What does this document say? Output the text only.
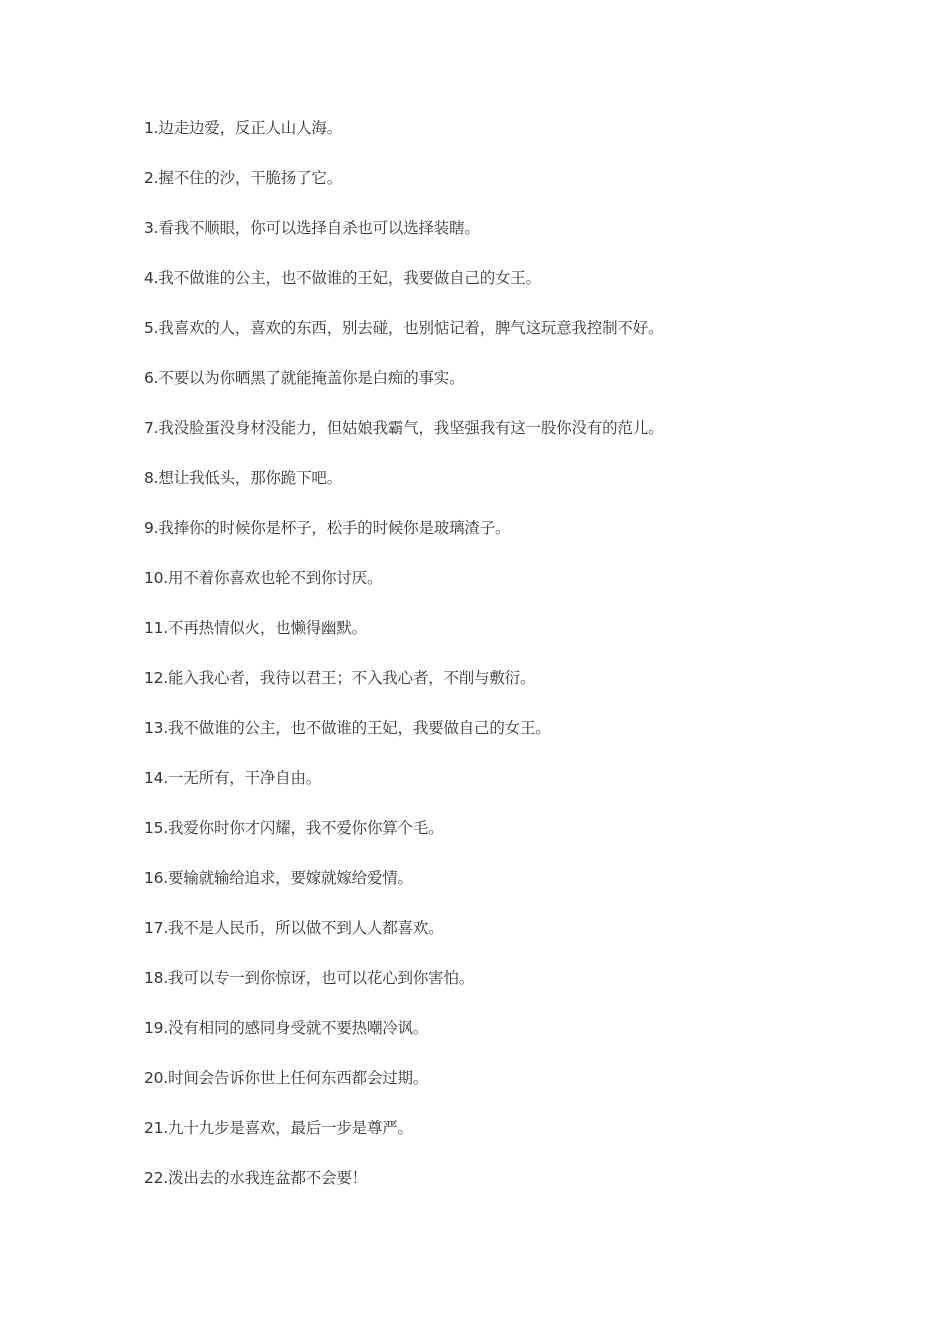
1.边走边爱，反正人山人海。
2.握不住的沙，干脆扬了它。
3.看我不顺眼，你可以选择自杀也可以选择装瞎。
4.我不做谁的公主，也不做谁的王妃，我要做自己的女王。
5.我喜欢的人，喜欢的东西，别去碰，也别惦记着，脾气这玩意我控制不好。
6.不要以为你晒黑了就能掩盖你是白痴的事实。
7.我没脸蛋没身材没能力，但姑娘我霸气，我坚强我有这一股你没有的范儿。
8.想让我低头，那你跪下吧。
9.我捧你的时候你是杯子，松手的时候你是玻璃渣子。
10.用不着你喜欢也轮不到你讨厌。
11.不再热情似火，也懒得幽默。
12.能入我心者，我待以君王；不入我心者，不削与敷衍。
13.我不做谁的公主，也不做谁的王妃，我要做自己的女王。
14.一无所有，干净自由。
15.我爱你时你才闪耀，我不爱你你算个毛。
16.要输就输给追求，要嫁就嫁给爱情。
17.我不是人民币，所以做不到人人都喜欢。
18.我可以专一到你惊讶，也可以花心到你害怕。
19.没有相同的感同身受就不要热嘲冷讽。
20.时间会告诉你世上任何东西都会过期。
21.九十九步是喜欢，最后一步是尊严。
22.泼出去的水我连盆都不会要！
